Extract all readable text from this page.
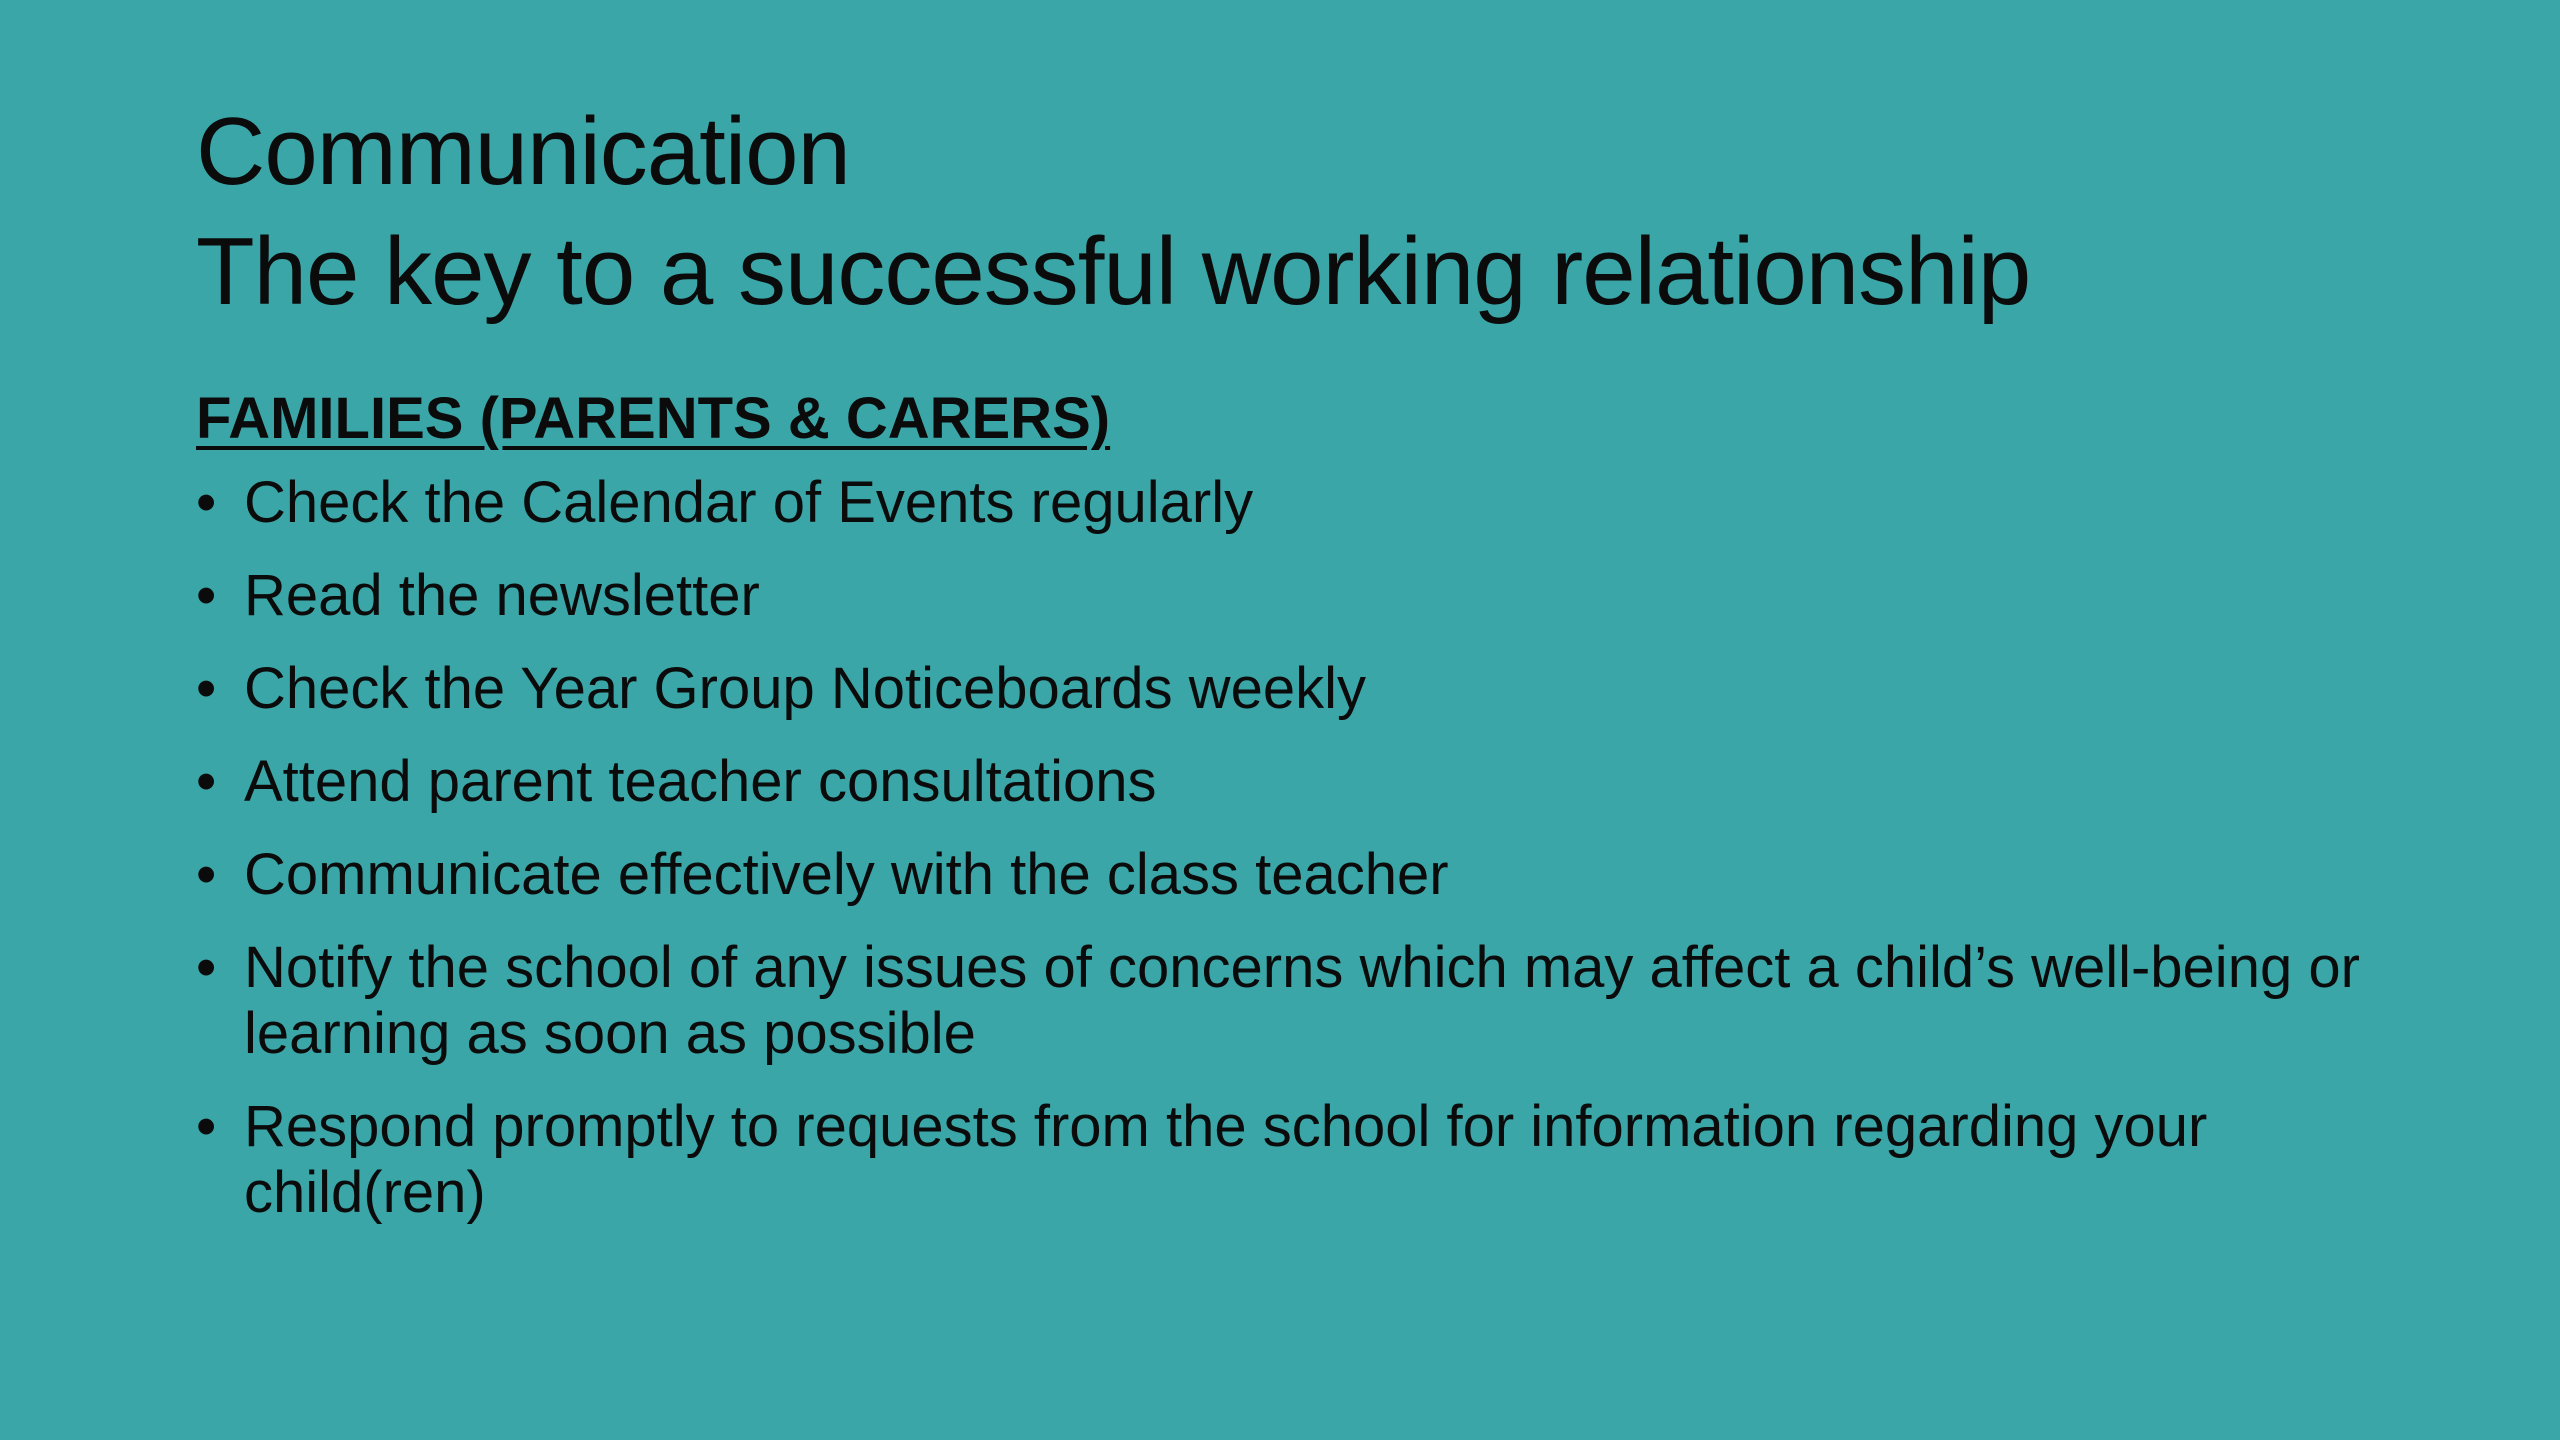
Communication
The key to a successful working relationship
FAMILIES (PARENTS & CARERS)
• Check the Calendar of Events regularly
• Read the newsletter
• Check the Year Group Noticeboards weekly
• Attend parent teacher consultations
• Communicate effectively with the class teacher
• Notify the school of any issues of concerns which may affect a child’s well-being or learning as soon as possible
• Respond promptly to requests from the school for information regarding your child(ren)
